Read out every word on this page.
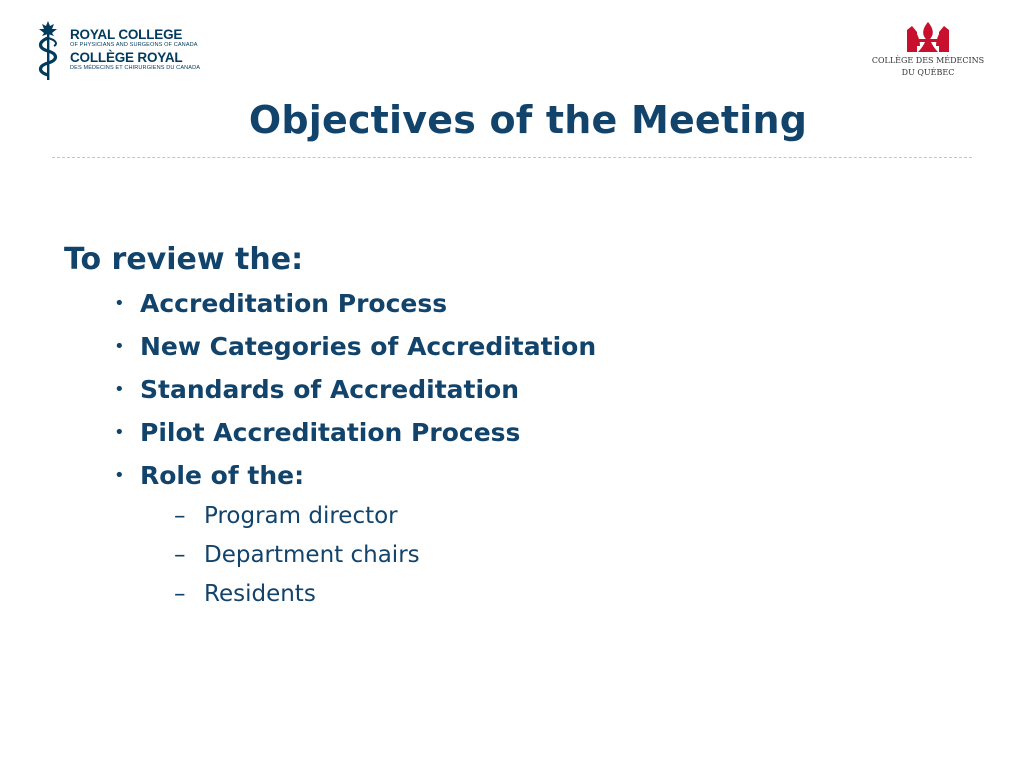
ROYAL COLLEGE
OF PHYSICIANS AND SURGEONS OF CANADA
COLLÈGE ROYAL
DES MÉDECINS ET CHIRURGIENS DU CANADA
COLLÈGE DES MÉDECINS
DU QUÉBEC
Objectives of the Meeting
To review the:
• Accreditation Process
• New Categories of Accreditation
• Standards of Accreditation
• Pilot Accreditation Process
• Role of the:
– Program director
– Department chairs
– Residents
